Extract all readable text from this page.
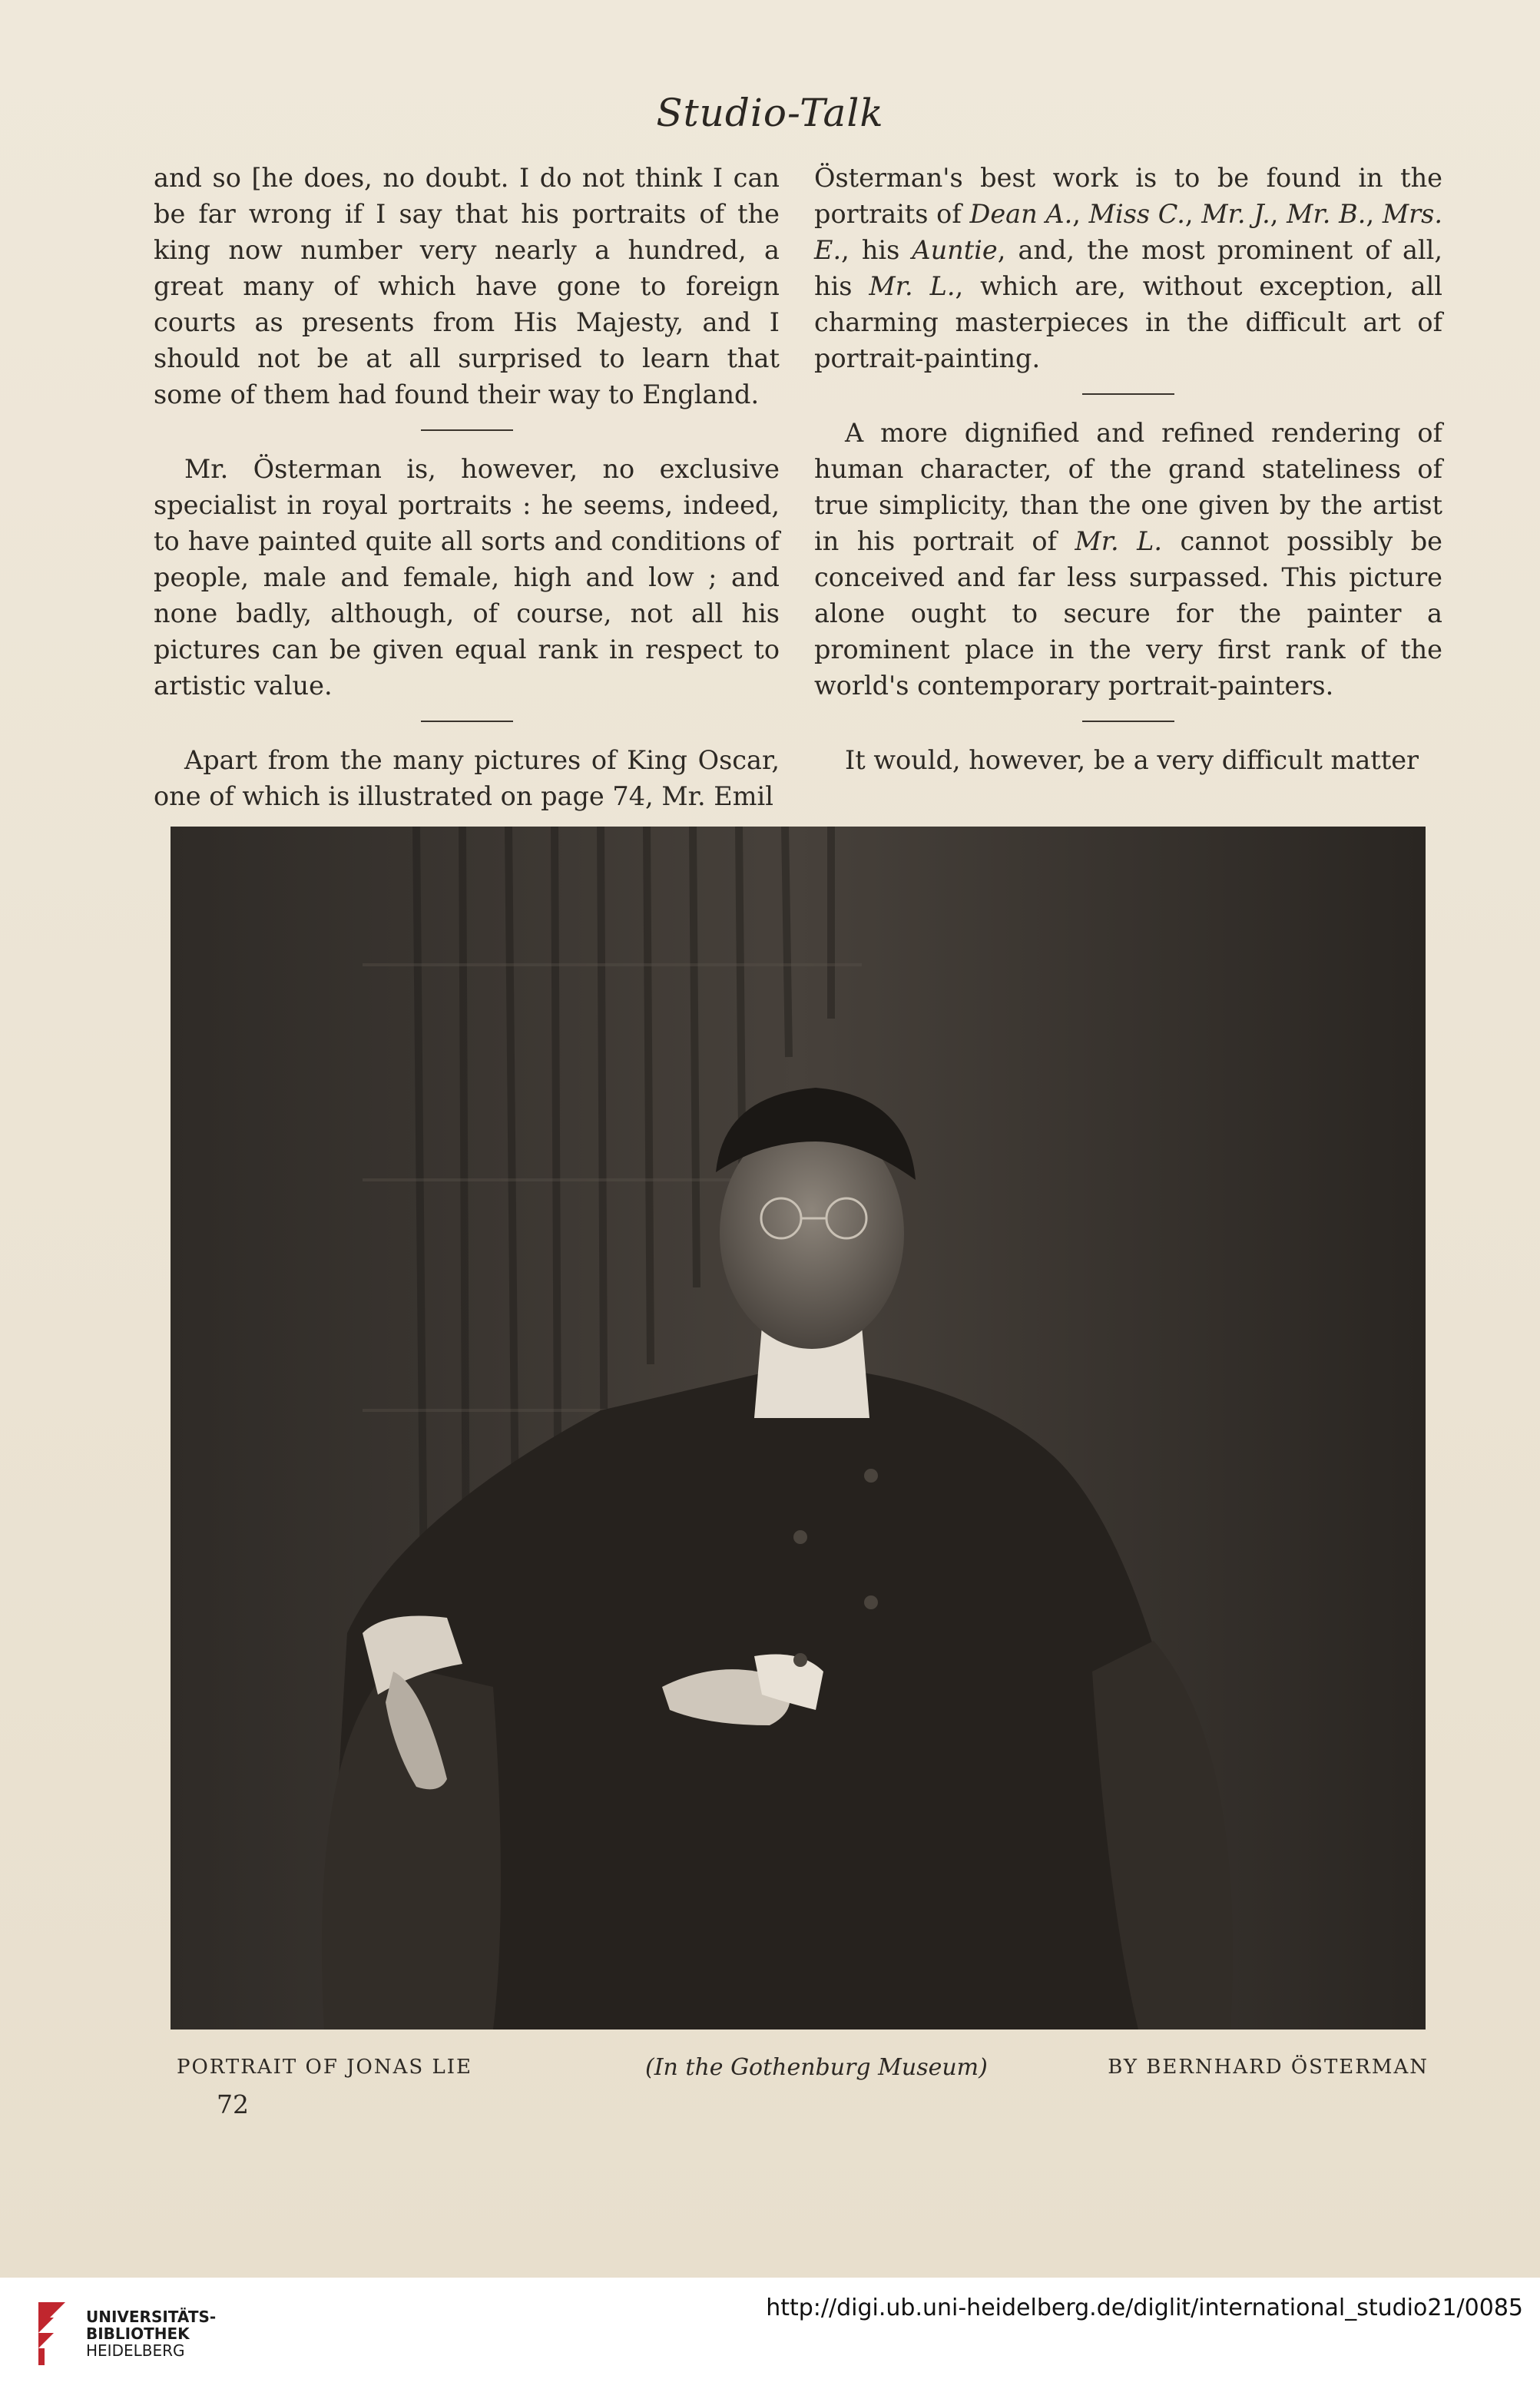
Studio-Talk

and so [he does, no doubt. I do not think I can be far wrong if I say that his portraits of the king now number very nearly a hundred, a great many of which have gone to foreign courts as presents from His Majesty, and I should not be at all surprised to learn that some of them had found their way to England.

Mr. Österman is, however, no exclusive specialist in royal portraits : he seems, indeed, to have painted quite all sorts and conditions of people, male and female, high and low ; and none badly, although, of course, not all his pictures can be given equal rank in respect to artistic value.

Apart from the many pictures of King Oscar, one of which is illustrated on page 74, Mr. Emil

Österman's best work is to be found in the portraits of Dean A., Miss C., Mr. J., Mr. B., Mrs. E., his Auntie, and, the most prominent of all, his Mr. L., which are, without exception, all charming masterpieces in the difficult art of portrait-painting.

A more dignified and refined rendering of human character, of the grand stateliness of true simplicity, than the one given by the artist in his portrait of Mr. L. cannot possibly be conceived and far less surpassed. This picture alone ought to secure for the painter a prominent place in the very first rank of the world's contemporary portrait-painters.

It would, however, be a very difficult matter

PORTRAIT OF JONAS LIE	(In the Gothenburg Museum)	BY BERNHARD ÖSTERMAN
72
UNIVERSITÄTS-
BIBLIOTHEK
HEIDELBERG
http://digi.ub.uni-heidelberg.de/diglit/international_studio21/0085
